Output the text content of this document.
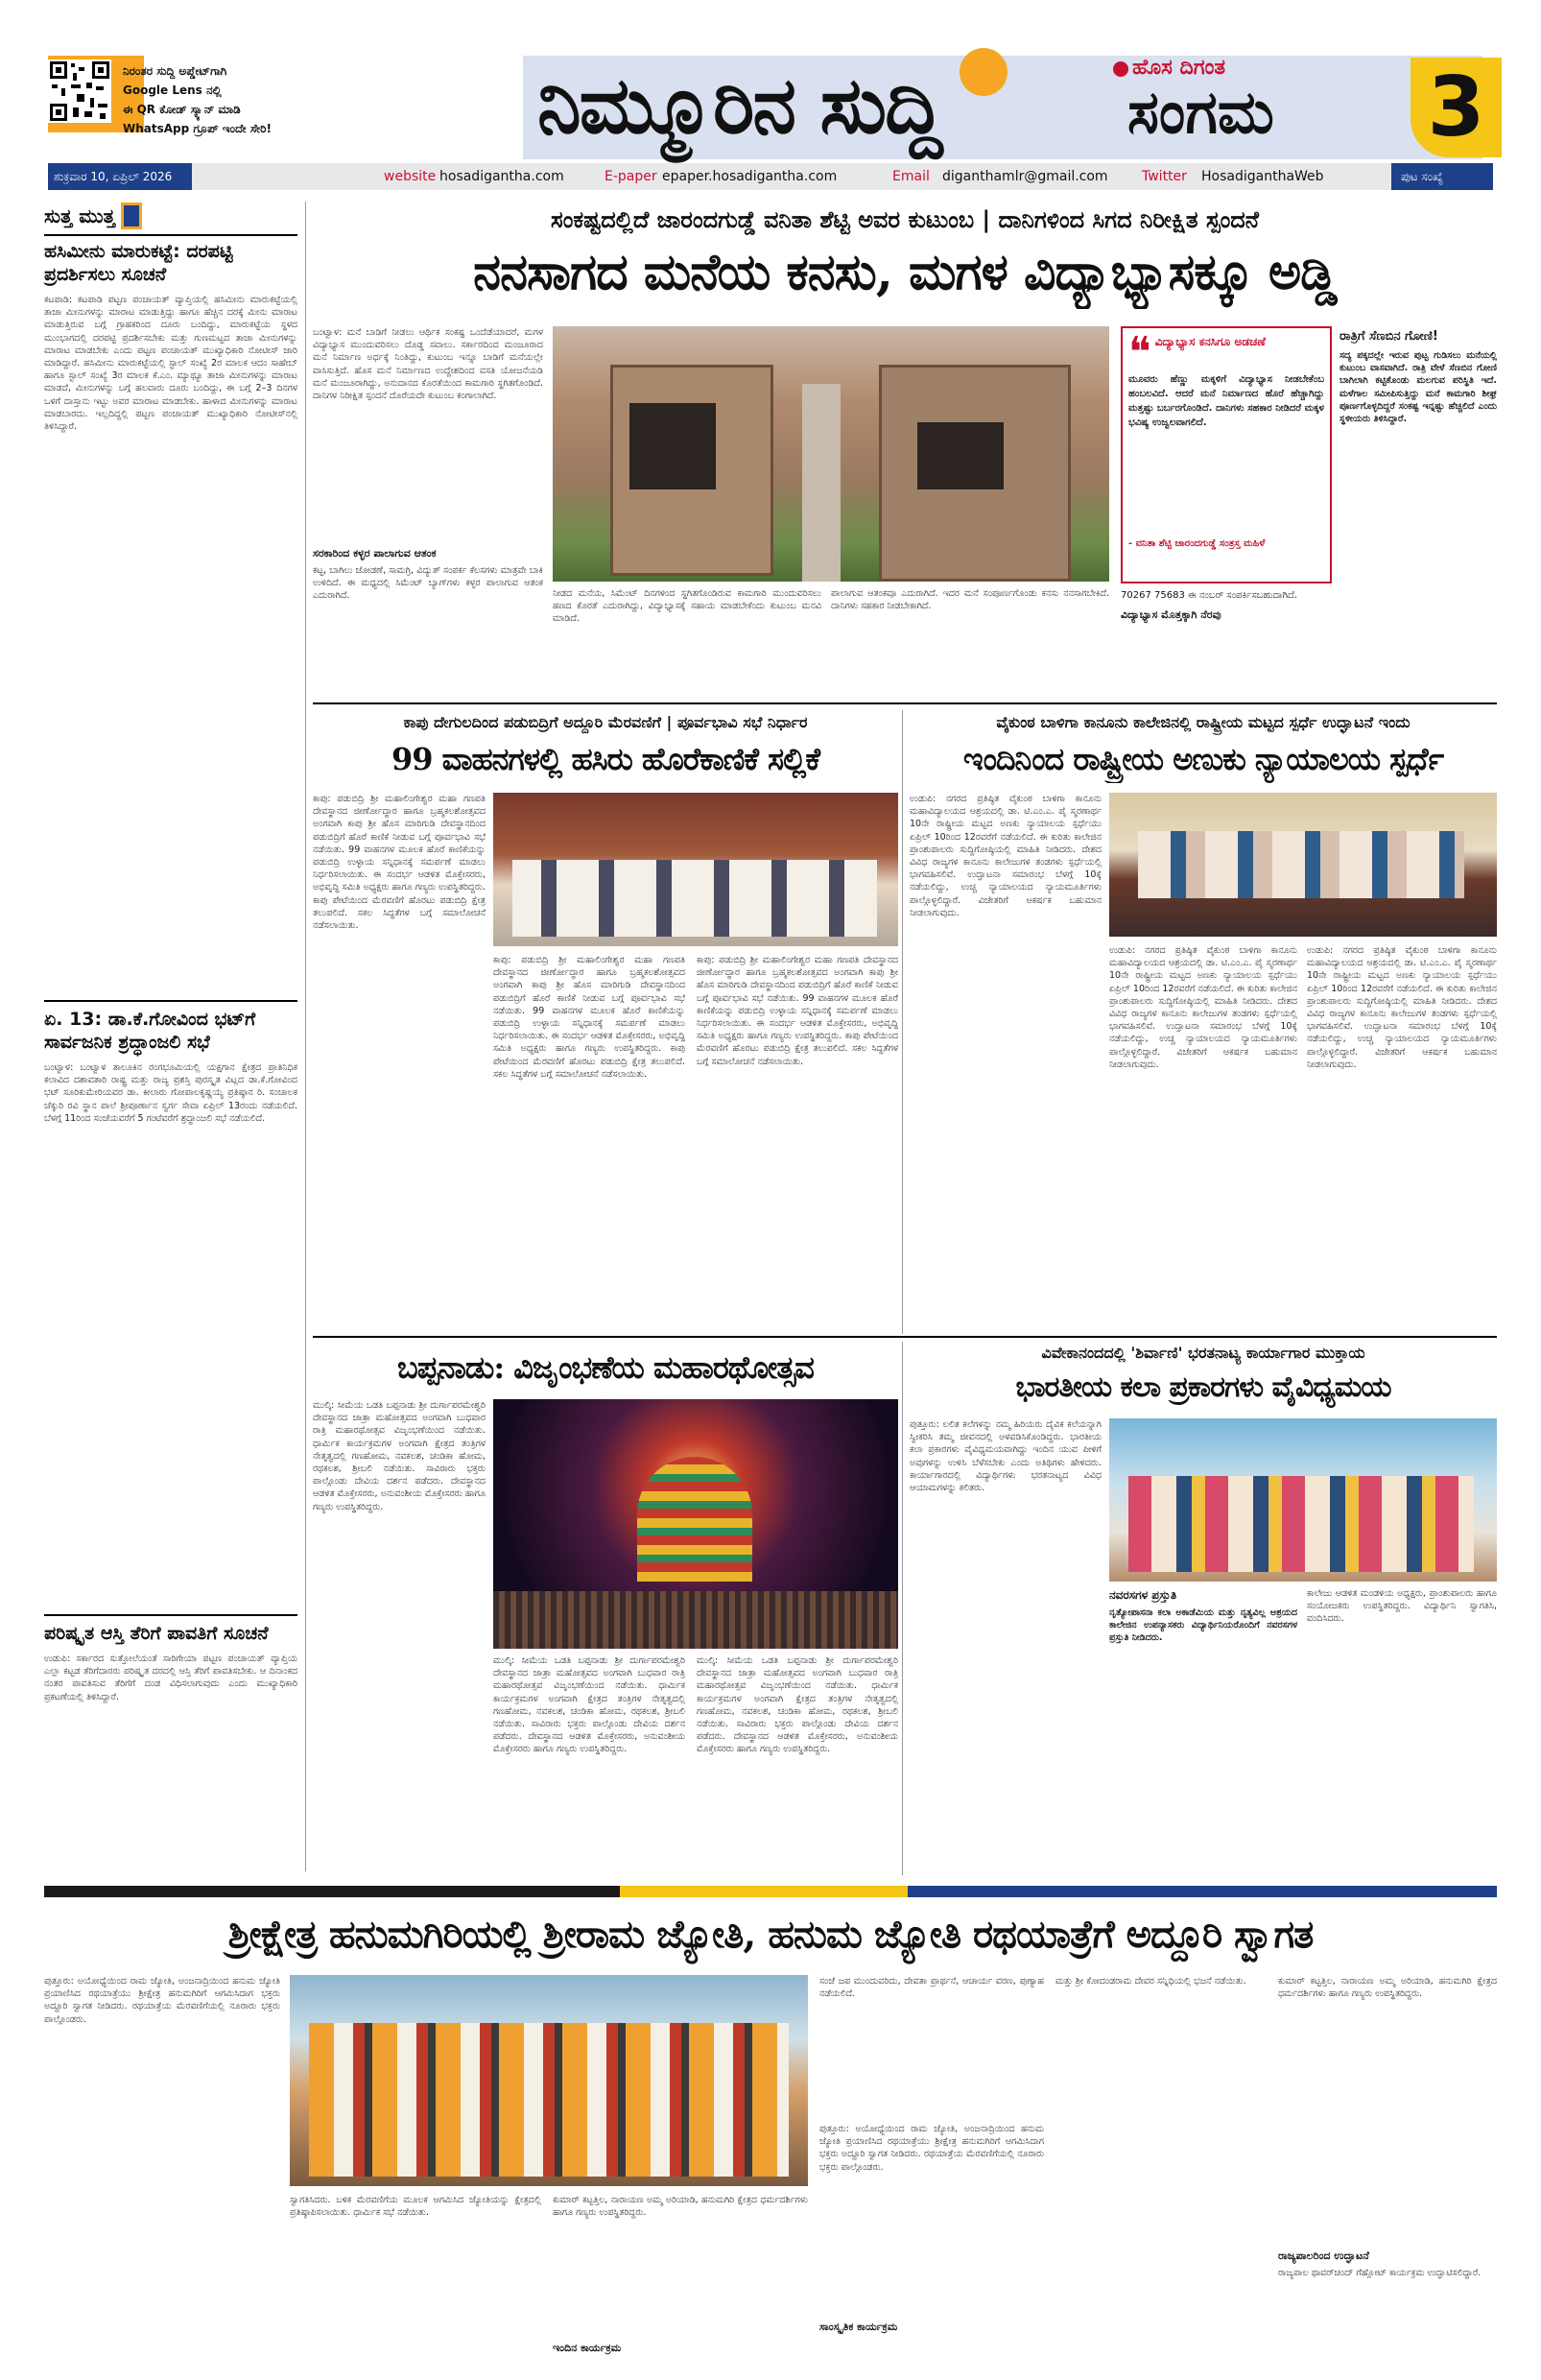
ನಿರಂತರ ಸುದ್ದಿ ಅಪ್ಡೇಟ್‌ಗಾಗಿ
Google Lens ನಲ್ಲಿ
ಈ QR ಕೋಡ್ ಸ್ಕ್ಯಾನ್ ಮಾಡಿ
WhatsApp ಗ್ರೂಪ್ ಇಂದೇ ಸೇರಿ!	ನಿಮ್ಮೂರಿನ ಸುದ್ದಿ	ಹೊಸ ದಿಗಂತ
ಸಂಗಮ 3
ಶುಕ್ರವಾರ 10, ಏಪ್ರಿಲ್ 2026	website hosadigantha.com	E-paper epaper.hosadigantha.com	Email diganthamlr@gmail.com	Twitter HosadiganthaWeb	ಪುಟ ಸಂಖ್ಯೆ
ಸುತ್ತ ಮುತ್ತ
ಹಸಿಮೀನು ಮಾರುಕಟ್ಟೆ: ದರಪಟ್ಟಿ ಪ್ರದರ್ಶಿಸಲು ಸೂಚನೆ

ಕಟಪಾಡಿ: ಕಟಪಾಡಿ ಪಟ್ಟಣ ಪಂಚಾಯತ್ ವ್ಯಾಪ್ತಿಯಲ್ಲಿ ಹಸಿಮೀನು ಮಾರುಕಟ್ಟೆಯಲ್ಲಿ ತಾಜಾ ಮೀನುಗಳನ್ನು ಮಾರಾಟ ಮಾಡುತ್ತಿದ್ದು ಹಾಗೂ ಹೆಚ್ಚಿನ ದರಕ್ಕೆ ಮೀನು ಮಾರಾಟ ಮಾಡುತ್ತಿರುವ ಬಗ್ಗೆ ಗ್ರಾಹಕರಿಂದ ದೂರು ಬಂದಿದ್ದು, ಮಾರುಕಟ್ಟೆಯ ಸ್ಥಳದ ಮುಂಭಾಗದಲ್ಲಿ ದರಪಟ್ಟಿ ಪ್ರದರ್ಶಿಸಬೇಕು ಮತ್ತು ಗುಣಮಟ್ಟದ ತಾಜಾ ಮೀನುಗಳನ್ನು ಮಾರಾಟ ಮಾಡಬೇಕು ಎಂದು ಪಟ್ಟಣ ಪಂಚಾಯತ್ ಮುಖ್ಯಾಧಿಕಾರಿ ನೋಟೀಸ್ ಜಾರಿ ಮಾಡಿದ್ದಾರೆ. ಹಸಿಮೀನು ಮಾರುಕಟ್ಟೆಯಲ್ಲಿ ಸ್ಟಾಲ್ ಸಂಖ್ಯೆ 2ರ ಮಾಲಕ ಆದಂ ಸಾಹೇಬ್ ಹಾಗೂ ಸ್ಟಾಲ್ ಸಂಖ್ಯೆ 3ರ ಮಾಲಕ ಕೆ.ಎಂ. ಮ್ಯಾಥ್ಯೂ ತಾಜಾ ಮೀನುಗಳನ್ನು ಮಾರಾಟ ಮಾಡದೆ, ಮೀನುಗಳನ್ನು ಬಗ್ಗೆ ಹಲವಾರು ದೂರು ಬಂದಿದ್ದು, ಈ ಬಗ್ಗೆ 2–3 ದಿನಗಳ ಒಳಗೆ ದಾಸ್ತಾನು ಇಟ್ಟು ಅವರ ಮಾರಾಟ ಮಾಡಬೇಕು. ಹಾಳಾದ ಮೀನುಗಳನ್ನು ಮಾರಾಟ ಮಾಡಬಾರದು. ಇಲ್ಲದಿದ್ದಲ್ಲಿ ಪಟ್ಟಣ ಪಂಚಾಯತ್ ಮುಖ್ಯಾಧಿಕಾರಿ ನೋಟೀಸ್‌ನಲ್ಲಿ ತಿಳಿಸಿದ್ದಾರೆ.

ಏ. 13: ಡಾ.ಕೆ.ಗೋವಿಂದ ಭಟ್‌ಗೆ ಸಾರ್ವಜನಿಕ ಶ್ರದ್ಧಾಂಜಲಿ ಸಭೆ

ಬಂಟ್ವಾಳ: ಬಂಟ್ವಾಳ ತಾಲೂಕಿನ ರಂಗಭೂಮಿಯಲ್ಲಿ ಯಕ್ಷಗಾನ ಕ್ಷೇತ್ರದ ಪ್ರಾತಿನಿಧಿಕ ಕಲಾವಿದ ದಶಾವತಾರಿ ರಾಷ್ಟ್ರ ಮತ್ತು ರಾಜ್ಯ ಪ್ರಶಸ್ತಿ ಪುರಸ್ಕೃತ ವಿಟ್ಲದ ಡಾ.ಕೆ.ಗೋವಿಂದ ಭಟ್ ಸೂರಿಕುಮೇರಿಯವರ ಡಾ. ಕೀಲಾರು ಗೋಪಾಲಕೃಷ್ಣಯ್ಯ ಪ್ರತಿಷ್ಠಾನ ರಿ. ಸಂಚಾಲಕ ಚೆಕ್ಕುರಿ ರವಿ ಸ್ಥಾನ ಪಾಲೆ ಶ್ರೀಪೂರ್ಣಾನ ಸ್ವರ್ಗ ಸೇವಾ ಏಪ್ರಿಲ್ 13ರಂದು ನಡೆಯಲಿದೆ. ಬೆಳಗ್ಗೆ 11ರಿಂದ ಸಂಜೆಯವರೆಗೆ 5 ಗಂಟೆವರೆಗೆ ಶ್ರದ್ಧಾಂಜಲಿ ಸಭೆ ನಡೆಯಲಿದೆ.

ಪರಿಷ್ಕೃತ ಆಸ್ತಿ ತೆರಿಗೆ ಪಾವತಿಗೆ ಸೂಚನೆ

ಉಡುಪಿ: ಸರ್ಕಾರದ ಸುತ್ತೋಲೆಯಂತೆ ಸಾರಿಗೇಯಾ ಪಟ್ಟಣ ಪಂಚಾಯತ್ ವ್ಯಾಪ್ತಿಯ ಎಲ್ಲಾ ಕಟ್ಟಡ ತೆರಿಗೆದಾರರು ಪರಿಷ್ಕೃತ ದರದಲ್ಲಿ ಆಸ್ತಿ ತೆರಿಗೆ ಪಾವತಿಸಬೇಕು. ಆ ದಿನಾಂಕದ ನಂತರ ಪಾವತಿಸುವ ತೆರಿಗೆಗೆ ದಂಡ ವಿಧಿಸಲಾಗುವುದು ಎಂದು ಮುಖ್ಯಾಧಿಕಾರಿ ಪ್ರಕಟಣೆಯಲ್ಲಿ ತಿಳಿಸಿದ್ದಾರೆ.

ಸಂಕಷ್ಟದಲ್ಲಿದೆ ಜಾರಂದಗುಡ್ಡೆ ವನಿತಾ ಶೆಟ್ಟಿ ಅವರ ಕುಟುಂಬ | ದಾನಿಗಳಿಂದ ಸಿಗದ ನಿರೀಕ್ಷಿತ ಸ್ಪಂದನೆ
ನನಸಾಗದ ಮನೆಯ ಕನಸು, ಮಗಳ ವಿದ್ಯಾಭ್ಯಾಸಕ್ಕೂ ಅಡ್ಡಿ

ಬಂಟ್ವಾಳ: ಮನೆ ಬಾಡಿಗೆ ನೀಡಲು ಆರ್ಥಿಕ ಸಂಕಷ್ಟ ಒಂದೆಡೆಯಾದರೆ, ಮಗಳ ವಿದ್ಯಾಭ್ಯಾಸ ಮುಂದುವರಿಸಲು ದೊಡ್ಡ ಸವಾಲು. ಸರ್ಕಾರದಿಂದ ಮಂಜೂರಾದ ಮನೆ ನಿರ್ಮಾಣ ಅರ್ಧಕ್ಕೆ ನಿಂತಿದ್ದು, ಕುಟುಂಬ ಇನ್ನೂ ಬಾಡಿಗೆ ಮನೆಯಲ್ಲೇ ವಾಸಿಸುತ್ತಿದೆ. ಹೊಸ ಮನೆ ನಿರ್ಮಾಣದ ಉದ್ದೇಶದಿಂದ ವಸತಿ ಯೋಜನೆಯಡಿ ಮನೆ ಮಂಜೂರಾಗಿದ್ದು, ಅನುದಾನದ ಕೊರತೆಯಿಂದ ಕಾಮಗಾರಿ ಸ್ಥಗಿತಗೊಂಡಿದೆ. ದಾನಿಗಳ ನಿರೀಕ್ಷಿತ ಸ್ಪಂದನೆ ದೊರೆಯದೇ ಕುಟುಂಬ ಕಂಗಾಲಾಗಿದೆ.

ಸರಕಾರಿಂದ ಕಳ್ಳರ ಪಾಲಾಗುವ ಆತಂಕ

ಕಟ್ಟ, ಬಾಗಿಲು ಜೋಡಣೆ, ಸಾಮಗ್ರಿ, ವಿದ್ಯುತ್ ಸಂಪರ್ಕ ಕೆಲಸಗಳು ಮಾತ್ರವೇ ಬಾಕಿ ಉಳಿದಿದೆ. ಈ ಮಧ್ಯದಲ್ಲಿ ಸಿಮೆಂಟ್ ಬ್ಯಾಗ್‌ಗಳು ಕಳ್ಳರ ಪಾಲಾಗುವ ಆತಂಕ ಎದುರಾಗಿದೆ.	ನೀಡದ ಮನೆಯ, ಸಿಮೆಂಟ್ ದಿನಗಳಿಂದ ಸ್ಥಗಿತಗೊಂಡಿರುವ ಕಾಮಗಾರಿ ಮುಂದುವರಿಸಲು ಹಣದ ಕೊರತೆ ಎದುರಾಗಿದ್ದು, ವಿದ್ಯಾಭ್ಯಾಸಕ್ಕೆ ಸಹಾಯ ಮಾಡಬೇಕೆಂದು ಕುಟುಂಬ ಮನವಿ ಮಾಡಿದೆ.

ಪಾಲಾಗುವ ಆತಂಕವೂ ಎದುರಾಗಿದೆ. ಇದರ ಮನೆ ಸಂಪೂರ್ಣಗೊಂಡು ಕನಸು ನನಸಾಗಬೇಕಿದೆ. ದಾನಿಗಳು ಸಹಕಾರ ನೀಡಬೇಕಾಗಿದೆ.

❝ ವಿದ್ಯಾಭ್ಯಾಸ ಕನಸಿಗೂ ಅಡಚಣೆ

ಮೂವರು ಹೆಣ್ಣು ಮಕ್ಕಳಿಗೆ ವಿದ್ಯಾಭ್ಯಾಸ ನೀಡಬೇಕೆಂಬ ಹಂಬಲವಿದೆ. ಆದರೆ ಮನೆ ನಿರ್ಮಾಣದ ಹೊರೆ ಹೆಚ್ಚಾಗಿದ್ದು ಮತ್ತಷ್ಟು ಬರ್ಬರಗೊಂಡಿದೆ. ದಾನಿಗಳು ಸಹಕಾರ ನೀಡಿದರೆ ಮಕ್ಕಳ ಭವಿಷ್ಯ ಉಜ್ವಲವಾಗಲಿದೆ.

- ವನಿತಾ ಶೆಟ್ಟಿ ಜಾರಂದಗುಡ್ಡೆ ಸಂತ್ರಸ್ತ ಮಹಿಳೆ
70267 75683 ಈ ನಂಬರ್‌ ಸಂಪರ್ಕಿಸಬಹುದಾಗಿದೆ.
ವಿದ್ಯಾಭ್ಯಾಸ ಮೊತ್ತಕ್ಕಾಗಿ ನೆರವು
ರಾತ್ರಿಗೆ ಸೆಣಬಿನ ಗೋಣಿ!

ಸದ್ಯ ಪಕ್ಕದಲ್ಲೇ ಇರುವ ಪುಟ್ಟ ಗುಡಿಸಲು ಮನೆಯಲ್ಲಿ ಕುಟುಂಬ ವಾಸವಾಗಿದೆ. ರಾತ್ರಿ ವೇಳೆ ಸೆಣಬಿನ ಗೋಣಿ ಬಾಗಿಲಾಗಿ ಕಟ್ಟಿಕೊಂಡು ಮಲಗುವ ಪರಿಸ್ಥಿತಿ ಇದೆ. ಮಳೆಗಾಲ ಸಮೀಪಿಸುತ್ತಿದ್ದು ಮನೆ ಕಾಮಗಾರಿ ಶೀಘ್ರ ಪೂರ್ಣಗೊಳ್ಳದಿದ್ದರೆ ಸಂಕಷ್ಟ ಇನ್ನಷ್ಟು ಹೆಚ್ಚಲಿದೆ ಎಂದು ಸ್ಥಳೀಯರು ತಿಳಿಸಿದ್ದಾರೆ.

ಕಾಪು ದೇಗುಲದಿಂದ ಪಡುಬಿದ್ರಿಗೆ ಅದ್ದೂರಿ ಮೆರವಣಿಗೆ | ಪೂರ್ವಭಾವಿ ಸಭೆ ನಿರ್ಧಾರ
99 ವಾಹನಗಳಲ್ಲಿ ಹಸಿರು ಹೊರೆಕಾಣಿಕೆ ಸಲ್ಲಿಕೆ

ಕಾಪು: ಪಡುಬಿದ್ರಿ ಶ್ರೀ ಮಹಾಲಿಂಗೇಶ್ವರ ಮಹಾ ಗಣಪತಿ ದೇವಸ್ಥಾನದ ಜೀರ್ಣೋದ್ಧಾರ ಹಾಗೂ ಬ್ರಹ್ಮಕಲಶೋತ್ಸವದ ಅಂಗವಾಗಿ ಕಾಪು ಶ್ರೀ ಹೊಸ ಮಾರಿಗುಡಿ ದೇವಸ್ಥಾನದಿಂದ ಪಡುಬಿದ್ರಿಗೆ ಹೊರೆ ಕಾಣಿಕೆ ನೀಡುವ ಬಗ್ಗೆ ಪೂರ್ವಭಾವಿ ಸಭೆ ನಡೆಯಿತು. 99 ವಾಹನಗಳ ಮೂಲಕ ಹೊರೆ ಕಾಣಿಕೆಯನ್ನು ಪಡುಬಿದ್ರಿ ಉಳ್ಳಾಯ ಸನ್ನಿಧಾನಕ್ಕೆ ಸಮರ್ಪಣೆ ಮಾಡಲು ನಿರ್ಧರಿಸಲಾಯಿತು. ಈ ಸಂದರ್ಭ ಆಡಳಿತ ಮೊಕ್ತೇಸರರು, ಅಭಿವೃದ್ಧಿ ಸಮಿತಿ ಅಧ್ಯಕ್ಷರು ಹಾಗೂ ಗಣ್ಯರು ಉಪಸ್ಥಿತರಿದ್ದರು. ಕಾಪು ಪೇಟೆಯಿಂದ ಮೆರವಣಿಗೆ ಹೊರಟು ಪಡುಬಿದ್ರಿ ಕ್ಷೇತ್ರ ತಲುಪಲಿದೆ. ಸಕಲ ಸಿದ್ಧತೆಗಳ ಬಗ್ಗೆ ಸಮಾಲೋಚನೆ ನಡೆಸಲಾಯಿತು.

ಕಾಪು: ಪಡುಬಿದ್ರಿ ಶ್ರೀ ಮಹಾಲಿಂಗೇಶ್ವರ ಮಹಾ ಗಣಪತಿ ದೇವಸ್ಥಾನದ ಜೀರ್ಣೋದ್ಧಾರ ಹಾಗೂ ಬ್ರಹ್ಮಕಲಶೋತ್ಸವದ ಅಂಗವಾಗಿ ಕಾಪು ಶ್ರೀ ಹೊಸ ಮಾರಿಗುಡಿ ದೇವಸ್ಥಾನದಿಂದ ಪಡುಬಿದ್ರಿಗೆ ಹೊರೆ ಕಾಣಿಕೆ ನೀಡುವ ಬಗ್ಗೆ ಪೂರ್ವಭಾವಿ ಸಭೆ ನಡೆಯಿತು. 99 ವಾಹನಗಳ ಮೂಲಕ ಹೊರೆ ಕಾಣಿಕೆಯನ್ನು ಪಡುಬಿದ್ರಿ ಉಳ್ಳಾಯ ಸನ್ನಿಧಾನಕ್ಕೆ ಸಮರ್ಪಣೆ ಮಾಡಲು ನಿರ್ಧರಿಸಲಾಯಿತು. ಈ ಸಂದರ್ಭ ಆಡಳಿತ ಮೊಕ್ತೇಸರರು, ಅಭಿವೃದ್ಧಿ ಸಮಿತಿ ಅಧ್ಯಕ್ಷರು ಹಾಗೂ ಗಣ್ಯರು ಉಪಸ್ಥಿತರಿದ್ದರು. ಕಾಪು ಪೇಟೆಯಿಂದ ಮೆರವಣಿಗೆ ಹೊರಟು ಪಡುಬಿದ್ರಿ ಕ್ಷೇತ್ರ ತಲುಪಲಿದೆ. ಸಕಲ ಸಿದ್ಧತೆಗಳ ಬಗ್ಗೆ ಸಮಾಲೋಚನೆ ನಡೆಸಲಾಯಿತು.

ಕಾಪು: ಪಡುಬಿದ್ರಿ ಶ್ರೀ ಮಹಾಲಿಂಗೇಶ್ವರ ಮಹಾ ಗಣಪತಿ ದೇವಸ್ಥಾನದ ಜೀರ್ಣೋದ್ಧಾರ ಹಾಗೂ ಬ್ರಹ್ಮಕಲಶೋತ್ಸವದ ಅಂಗವಾಗಿ ಕಾಪು ಶ್ರೀ ಹೊಸ ಮಾರಿಗುಡಿ ದೇವಸ್ಥಾನದಿಂದ ಪಡುಬಿದ್ರಿಗೆ ಹೊರೆ ಕಾಣಿಕೆ ನೀಡುವ ಬಗ್ಗೆ ಪೂರ್ವಭಾವಿ ಸಭೆ ನಡೆಯಿತು. 99 ವಾಹನಗಳ ಮೂಲಕ ಹೊರೆ ಕಾಣಿಕೆಯನ್ನು ಪಡುಬಿದ್ರಿ ಉಳ್ಳಾಯ ಸನ್ನಿಧಾನಕ್ಕೆ ಸಮರ್ಪಣೆ ಮಾಡಲು ನಿರ್ಧರಿಸಲಾಯಿತು. ಈ ಸಂದರ್ಭ ಆಡಳಿತ ಮೊಕ್ತೇಸರರು, ಅಭಿವೃದ್ಧಿ ಸಮಿತಿ ಅಧ್ಯಕ್ಷರು ಹಾಗೂ ಗಣ್ಯರು ಉಪಸ್ಥಿತರಿದ್ದರು. ಕಾಪು ಪೇಟೆಯಿಂದ ಮೆರವಣಿಗೆ ಹೊರಟು ಪಡುಬಿದ್ರಿ ಕ್ಷೇತ್ರ ತಲುಪಲಿದೆ. ಸಕಲ ಸಿದ್ಧತೆಗಳ ಬಗ್ಗೆ ಸಮಾಲೋಚನೆ ನಡೆಸಲಾಯಿತು.

ವೈಕುಂಠ ಬಾಳಿಗಾ ಕಾನೂನು ಕಾಲೇಜಿನಲ್ಲಿ ರಾಷ್ಟ್ರೀಯ ಮಟ್ಟದ ಸ್ಪರ್ಧೆ ಉದ್ಘಾಟನೆ ಇಂದು
ಇಂದಿನಿಂದ ರಾಷ್ಟ್ರೀಯ ಅಣುಕು ನ್ಯಾಯಾಲಯ ಸ್ಪರ್ಧೆ

ಉಡುಪಿ: ನಗರದ ಪ್ರತಿಷ್ಠಿತ ವೈಕುಂಠ ಬಾಳಿಗಾ ಕಾನೂನು ಮಹಾವಿದ್ಯಾಲಯದ ಆಶ್ರಯದಲ್ಲಿ ಡಾ. ಟಿ.ಎಂ.ಎ. ಪೈ ಸ್ಮರಣಾರ್ಥ 10ನೇ ರಾಷ್ಟ್ರೀಯ ಮಟ್ಟದ ಅಣಕು ನ್ಯಾಯಾಲಯ ಸ್ಪರ್ಧೆಯು ಏಪ್ರಿಲ್ 10ರಿಂದ 12ರವರೆಗೆ ನಡೆಯಲಿದೆ. ಈ ಕುರಿತು ಕಾಲೇಜಿನ ಪ್ರಾಂಶುಪಾಲರು ಸುದ್ದಿಗೋಷ್ಠಿಯಲ್ಲಿ ಮಾಹಿತಿ ನೀಡಿದರು. ದೇಶದ ವಿವಿಧ ರಾಜ್ಯಗಳ ಕಾನೂನು ಕಾಲೇಜುಗಳ ತಂಡಗಳು ಸ್ಪರ್ಧೆಯಲ್ಲಿ ಭಾಗವಹಿಸಲಿವೆ. ಉದ್ಘಾಟನಾ ಸಮಾರಂಭ ಬೆಳಗ್ಗೆ 10ಕ್ಕೆ ನಡೆಯಲಿದ್ದು, ಉಚ್ಚ ನ್ಯಾಯಾಲಯದ ನ್ಯಾಯಮೂರ್ತಿಗಳು ಪಾಲ್ಗೊಳ್ಳಲಿದ್ದಾರೆ. ವಿಜೇತರಿಗೆ ಆಕರ್ಷಕ ಬಹುಮಾನ ನೀಡಲಾಗುವುದು.

ಉಡುಪಿ: ನಗರದ ಪ್ರತಿಷ್ಠಿತ ವೈಕುಂಠ ಬಾಳಿಗಾ ಕಾನೂನು ಮಹಾವಿದ್ಯಾಲಯದ ಆಶ್ರಯದಲ್ಲಿ ಡಾ. ಟಿ.ಎಂ.ಎ. ಪೈ ಸ್ಮರಣಾರ್ಥ 10ನೇ ರಾಷ್ಟ್ರೀಯ ಮಟ್ಟದ ಅಣಕು ನ್ಯಾಯಾಲಯ ಸ್ಪರ್ಧೆಯು ಏಪ್ರಿಲ್ 10ರಿಂದ 12ರವರೆಗೆ ನಡೆಯಲಿದೆ. ಈ ಕುರಿತು ಕಾಲೇಜಿನ ಪ್ರಾಂಶುಪಾಲರು ಸುದ್ದಿಗೋಷ್ಠಿಯಲ್ಲಿ ಮಾಹಿತಿ ನೀಡಿದರು. ದೇಶದ ವಿವಿಧ ರಾಜ್ಯಗಳ ಕಾನೂನು ಕಾಲೇಜುಗಳ ತಂಡಗಳು ಸ್ಪರ್ಧೆಯಲ್ಲಿ ಭಾಗವಹಿಸಲಿವೆ. ಉದ್ಘಾಟನಾ ಸಮಾರಂಭ ಬೆಳಗ್ಗೆ 10ಕ್ಕೆ ನಡೆಯಲಿದ್ದು, ಉಚ್ಚ ನ್ಯಾಯಾಲಯದ ನ್ಯಾಯಮೂರ್ತಿಗಳು ಪಾಲ್ಗೊಳ್ಳಲಿದ್ದಾರೆ. ವಿಜೇತರಿಗೆ ಆಕರ್ಷಕ ಬಹುಮಾನ ನೀಡಲಾಗುವುದು.

ಉಡುಪಿ: ನಗರದ ಪ್ರತಿಷ್ಠಿತ ವೈಕುಂಠ ಬಾಳಿಗಾ ಕಾನೂನು ಮಹಾವಿದ್ಯಾಲಯದ ಆಶ್ರಯದಲ್ಲಿ ಡಾ. ಟಿ.ಎಂ.ಎ. ಪೈ ಸ್ಮರಣಾರ್ಥ 10ನೇ ರಾಷ್ಟ್ರೀಯ ಮಟ್ಟದ ಅಣಕು ನ್ಯಾಯಾಲಯ ಸ್ಪರ್ಧೆಯು ಏಪ್ರಿಲ್ 10ರಿಂದ 12ರವರೆಗೆ ನಡೆಯಲಿದೆ. ಈ ಕುರಿತು ಕಾಲೇಜಿನ ಪ್ರಾಂಶುಪಾಲರು ಸುದ್ದಿಗೋಷ್ಠಿಯಲ್ಲಿ ಮಾಹಿತಿ ನೀಡಿದರು. ದೇಶದ ವಿವಿಧ ರಾಜ್ಯಗಳ ಕಾನೂನು ಕಾಲೇಜುಗಳ ತಂಡಗಳು ಸ್ಪರ್ಧೆಯಲ್ಲಿ ಭಾಗವಹಿಸಲಿವೆ. ಉದ್ಘಾಟನಾ ಸಮಾರಂಭ ಬೆಳಗ್ಗೆ 10ಕ್ಕೆ ನಡೆಯಲಿದ್ದು, ಉಚ್ಚ ನ್ಯಾಯಾಲಯದ ನ್ಯಾಯಮೂರ್ತಿಗಳು ಪಾಲ್ಗೊಳ್ಳಲಿದ್ದಾರೆ. ವಿಜೇತರಿಗೆ ಆಕರ್ಷಕ ಬಹುಮಾನ ನೀಡಲಾಗುವುದು.

ಬಪ್ಪನಾಡು: ವಿಜೃಂಭಣೆಯ ಮಹಾರಥೋತ್ಸವ

ಮುಲ್ಕಿ: ಸೀಮೆಯ ಒಡತಿ ಬಪ್ಪನಾಡು ಶ್ರೀ ದುರ್ಗಾಪರಮೇಶ್ವರಿ ದೇವಸ್ಥಾನದ ಜಾತ್ರಾ ಮಹೋತ್ಸವದ ಅಂಗವಾಗಿ ಬುಧವಾರ ರಾತ್ರಿ ಮಹಾರಥೋತ್ಸವ ವಿಜೃಂಭಣೆಯಿಂದ ನಡೆಯಿತು. ಧಾರ್ಮಿಕ ಕಾರ್ಯಕ್ರಮಗಳ ಅಂಗವಾಗಿ ಕ್ಷೇತ್ರದ ತಂತ್ರಿಗಳ ನೇತೃತ್ವದಲ್ಲಿ ಗಣಹೋಮ, ನವಕಲಶ, ಚಂಡಿಕಾ ಹೋಮ, ರಥಕಲಶ, ಶ್ರೀಬಲಿ ನಡೆಯಿತು. ಸಾವಿರಾರು ಭಕ್ತರು ಪಾಲ್ಗೊಂಡು ದೇವಿಯ ದರ್ಶನ ಪಡೆದರು. ದೇವಸ್ಥಾನದ ಆಡಳಿತ ಮೊಕ್ತೇಸರರು, ಅನುವಂಶೀಯ ಮೊಕ್ತೇಸರರು ಹಾಗೂ ಗಣ್ಯರು ಉಪಸ್ಥಿತರಿದ್ದರು.

ಮುಲ್ಕಿ: ಸೀಮೆಯ ಒಡತಿ ಬಪ್ಪನಾಡು ಶ್ರೀ ದುರ್ಗಾಪರಮೇಶ್ವರಿ ದೇವಸ್ಥಾನದ ಜಾತ್ರಾ ಮಹೋತ್ಸವದ ಅಂಗವಾಗಿ ಬುಧವಾರ ರಾತ್ರಿ ಮಹಾರಥೋತ್ಸವ ವಿಜೃಂಭಣೆಯಿಂದ ನಡೆಯಿತು. ಧಾರ್ಮಿಕ ಕಾರ್ಯಕ್ರಮಗಳ ಅಂಗವಾಗಿ ಕ್ಷೇತ್ರದ ತಂತ್ರಿಗಳ ನೇತೃತ್ವದಲ್ಲಿ ಗಣಹೋಮ, ನವಕಲಶ, ಚಂಡಿಕಾ ಹೋಮ, ರಥಕಲಶ, ಶ್ರೀಬಲಿ ನಡೆಯಿತು. ಸಾವಿರಾರು ಭಕ್ತರು ಪಾಲ್ಗೊಂಡು ದೇವಿಯ ದರ್ಶನ ಪಡೆದರು. ದೇವಸ್ಥಾನದ ಆಡಳಿತ ಮೊಕ್ತೇಸರರು, ಅನುವಂಶೀಯ ಮೊಕ್ತೇಸರರು ಹಾಗೂ ಗಣ್ಯರು ಉಪಸ್ಥಿತರಿದ್ದರು.

ಮುಲ್ಕಿ: ಸೀಮೆಯ ಒಡತಿ ಬಪ್ಪನಾಡು ಶ್ರೀ ದುರ್ಗಾಪರಮೇಶ್ವರಿ ದೇವಸ್ಥಾನದ ಜಾತ್ರಾ ಮಹೋತ್ಸವದ ಅಂಗವಾಗಿ ಬುಧವಾರ ರಾತ್ರಿ ಮಹಾರಥೋತ್ಸವ ವಿಜೃಂಭಣೆಯಿಂದ ನಡೆಯಿತು. ಧಾರ್ಮಿಕ ಕಾರ್ಯಕ್ರಮಗಳ ಅಂಗವಾಗಿ ಕ್ಷೇತ್ರದ ತಂತ್ರಿಗಳ ನೇತೃತ್ವದಲ್ಲಿ ಗಣಹೋಮ, ನವಕಲಶ, ಚಂಡಿಕಾ ಹೋಮ, ರಥಕಲಶ, ಶ್ರೀಬಲಿ ನಡೆಯಿತು. ಸಾವಿರಾರು ಭಕ್ತರು ಪಾಲ್ಗೊಂಡು ದೇವಿಯ ದರ್ಶನ ಪಡೆದರು. ದೇವಸ್ಥಾನದ ಆಡಳಿತ ಮೊಕ್ತೇಸರರು, ಅನುವಂಶೀಯ ಮೊಕ್ತೇಸರರು ಹಾಗೂ ಗಣ್ಯರು ಉಪಸ್ಥಿತರಿದ್ದರು.

ವಿವೇಕಾನಂದದಲ್ಲಿ 'ಶಿರ್ವಾಣಿ' ಭರತನಾಟ್ಯ ಕಾರ್ಯಾಗಾರ ಮುಕ್ತಾಯ
ಭಾರತೀಯ ಕಲಾ ಪ್ರಕಾರಗಳು ವೈವಿಧ್ಯಮಯ

ಪುತ್ತೂರು: ಲಲಿತ ಕಲೆಗಳನ್ನು ನಮ್ಮ ಹಿರಿಯರು ದೈವಿಕ ಕಲೆಯನ್ನಾಗಿ ಸ್ವೀಕರಿಸಿ ತಮ್ಮ ಜೀವನದಲ್ಲಿ ಅಳವಡಿಸಿಕೊಂಡಿದ್ದರು. ಭಾರತೀಯ ಕಲಾ ಪ್ರಕಾರಗಳು ವೈವಿಧ್ಯಮಯವಾಗಿದ್ದು ಇಂದಿನ ಯುವ ಪೀಳಿಗೆ ಅವುಗಳನ್ನು ಉಳಿಸಿ ಬೆಳೆಸಬೇಕು ಎಂದು ಅತಿಥಿಗಳು ಹೇಳಿದರು. ಕಾರ್ಯಾಗಾರದಲ್ಲಿ ವಿದ್ಯಾರ್ಥಿಗಳು ಭರತನಾಟ್ಯದ ವಿವಿಧ ಆಯಾಮಗಳನ್ನು ಕಲಿತರು.

ನವರಸಗಳ ಪ್ರಸ್ತುತಿ

ನೃತ್ಯೋಪಾಸನಾ ಕಲಾ ಅಕಾಡೆಮಿಯ ಮತ್ತು ನೃತ್ಯವಿಲ್ಲ ಆಶ್ರಯದ ಕಾಲೇಜಿನ ಉಪನ್ಯಾಸಕರು ವಿದ್ಯಾರ್ಥಿನಿಯರೊಂದಿಗೆ ನವರಸಗಳ ಪ್ರಸ್ತುತಿ ನೀಡಿದರು.

ಕಾಲೇಜು ಆಡಳಿತ ಮಂಡಳಿಯ ಅಧ್ಯಕ್ಷರು, ಪ್ರಾಂಶುಪಾಲರು ಹಾಗೂ ಸಂಯೋಜಕರು ಉಪಸ್ಥಿತರಿದ್ದರು. ವಿದ್ಯಾರ್ಥಿನಿ ಸ್ವಾಗತಿಸಿ, ವಂದಿಸಿದರು.

ಶ್ರೀಕ್ಷೇತ್ರ ಹನುಮಗಿರಿಯಲ್ಲಿ ಶ್ರೀರಾಮ ಜ್ಯೋತಿ, ಹನುಮ ಜ್ಯೋತಿ ರಥಯಾತ್ರೆಗೆ ಅದ್ದೂರಿ ಸ್ವಾಗತ

ಪುತ್ತೂರು: ಅಯೋಧ್ಯೆಯಿಂದ ರಾಮ ಜ್ಯೋತಿ, ಅಂಜನಾದ್ರಿಯಿಂದ ಹನುಮ ಜ್ಯೋತಿ ಪ್ರಯಾಣಿಸಿದ ರಥಯಾತ್ರೆಯು ಶ್ರೀಕ್ಷೇತ್ರ ಹನುಮಗಿರಿಗೆ ಆಗಮಿಸಿದಾಗ ಭಕ್ತರು ಅದ್ದೂರಿ ಸ್ವಾಗತ ನೀಡಿದರು. ರಥಯಾತ್ರೆಯ ಮೆರವಣಿಗೆಯಲ್ಲಿ ನೂರಾರು ಭಕ್ತರು ಪಾಲ್ಗೊಂಡರು.

ಸ್ವಾಗತಿಸಿದರು. ಬಳಿಕ ಮೆರವಣಿಗೆಯ ಮೂಲಕ ಆಗಮಿಸಿದ ಜ್ಯೋತಿಯನ್ನು ಕ್ಷೇತ್ರದಲ್ಲಿ ಪ್ರತಿಷ್ಠಾಪಿಸಲಾಯಿತು. ಧಾರ್ಮಿಕ ಸಭೆ ನಡೆಯಿತು.

ಕುಮಾರ್ ಕಟ್ಟತ್ತಿಲ, ನಾರಾಯಣ ಅಮ್ಮ ಅರಿಯಾಡಿ, ಹನುಮಗಿರಿ ಕ್ಷೇತ್ರದ ಧರ್ಮದರ್ಶಿಗಳು ಹಾಗೂ ಗಣ್ಯರು ಉಪಸ್ಥಿತರಿದ್ದರು.

ಇಂದಿನ ಕಾರ್ಯಕ್ರಮ

ಸಂಜೆ ಜಪ ಮುಂದುವರಿದು, ದೇವತಾ ಪ್ರಾರ್ಥನೆ, ಆಚಾರ್ಯ ವರಣ, ಪುಣ್ಯಾಹ ನಡೆಯಲಿದೆ.

ಪುತ್ತೂರು: ಅಯೋಧ್ಯೆಯಿಂದ ರಾಮ ಜ್ಯೋತಿ, ಅಂಜನಾದ್ರಿಯಿಂದ ಹನುಮ ಜ್ಯೋತಿ ಪ್ರಯಾಣಿಸಿದ ರಥಯಾತ್ರೆಯು ಶ್ರೀಕ್ಷೇತ್ರ ಹನುಮಗಿರಿಗೆ ಆಗಮಿಸಿದಾಗ ಭಕ್ತರು ಅದ್ದೂರಿ ಸ್ವಾಗತ ನೀಡಿದರು. ರಥಯಾತ್ರೆಯ ಮೆರವಣಿಗೆಯಲ್ಲಿ ನೂರಾರು ಭಕ್ತರು ಪಾಲ್ಗೊಂಡರು.

ಸಾಂಸ್ಕೃತಿಕ ಕಾರ್ಯಕ್ರಮ

ಮತ್ತು ಶ್ರೀ ಕೋದಂಡರಾಮ ದೇವರ ಸನ್ನಿಧಿಯಲ್ಲಿ ಭಜನೆ ನಡೆಯಿತು.	ಕುಮಾರ್ ಕಟ್ಟತ್ತಿಲ, ನಾರಾಯಣ ಅಮ್ಮ ಅರಿಯಾಡಿ, ಹನುಮಗಿರಿ ಕ್ಷೇತ್ರದ ಧರ್ಮದರ್ಶಿಗಳು ಹಾಗೂ ಗಣ್ಯರು ಉಪಸ್ಥಿತರಿದ್ದರು.

ರಾಜ್ಯಪಾಲರಿಂದ ಉದ್ಘಾಟನೆ

ರಾಜ್ಯಪಾಲ ಥಾವರ್‌ಚಂದ್ ಗೆಹ್ಲೋಟ್ ಕಾರ್ಯಕ್ರಮ ಉದ್ಘಾಟಿಸಲಿದ್ದಾರೆ.
